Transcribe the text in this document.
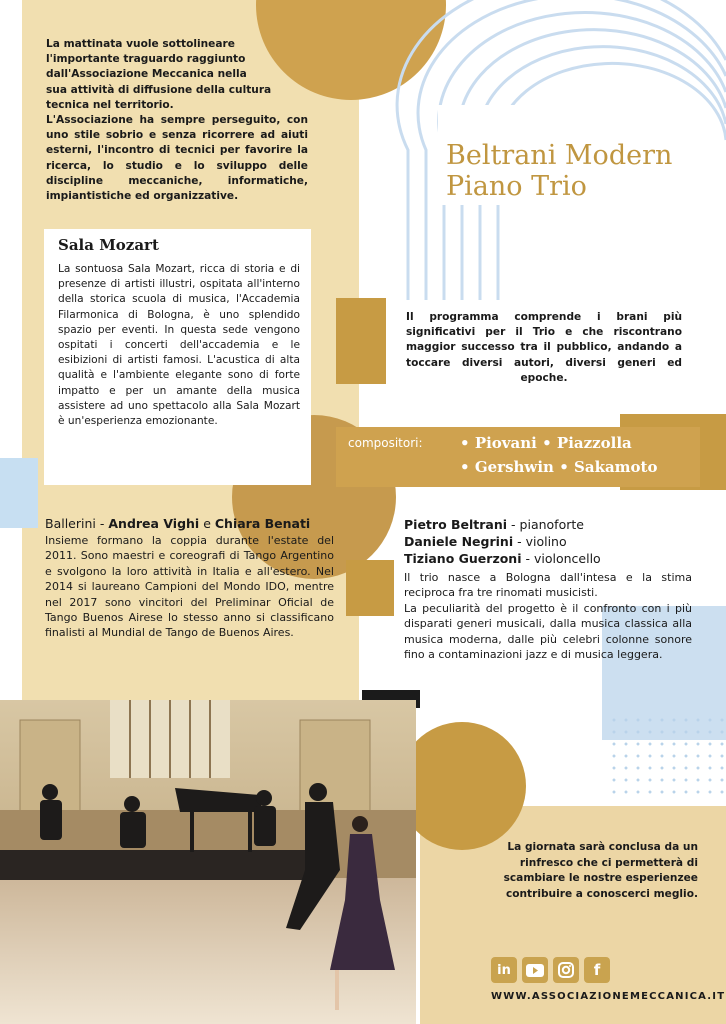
La mattinata vuole sottolineare
l'importante traguardo raggiunto
dall'Associazione Meccanica nella
sua attività di diffusione della cultura
tecnica nel territorio.

L'Associazione ha sempre perseguito, con uno stile sobrio e senza ricorrere ad aiuti esterni, l'incontro di tecnici per favorire la ricerca, lo studio e lo sviluppo delle discipline meccaniche, informatiche, impiantistiche ed organizzative.

Sala Mozart
La sontuosa Sala Mozart, ricca di storia e di presenze di artisti illustri, ospitata all'interno della storica scuola di musica, l'Accademia Filarmonica di Bologna, è uno splendido spazio per eventi. In questa sede vengono ospitati i concerti dell'accademia e le esibizioni di artisti famosi. L'acustica di alta qualità e l'ambiente elegante sono di forte impatto e per un amante della musica assistere ad uno spettacolo alla Sala Mozart è un'esperienza emozionante.
Beltrani Modern
Piano Trio
Il programma comprende i brani più significativi per il Trio e che riscontrano maggior successo tra il pubblico, andando a toccare diversi autori, diversi generi ed epoche.
compositori: • Piovani • Piazzolla
• Gershwin • Sakamoto
Ballerini - Andrea Vighi e Chiara Benati
Insieme formano la coppia durante l'estate del 2011. Sono maestri e coreografi di Tango Argentino e svolgono la loro attività in Italia e all'estero. Nel 2014 si laureano Campioni del Mondo IDO, mentre nel 2017 sono vincitori del Preliminar Oficial de Tango Buenos Airese lo stesso anno si classificano finalisti al Mundial de Tango de Buenos Aires.
Pietro Beltrani - pianoforte
Daniele Negrini - violino
Tiziano Guerzoni - violoncello
Il trio nasce a Bologna dall'intesa e la stima reciproca fra tre rinomati musicisti.
La peculiarità del progetto è il confronto con i più disparati generi musicali, dalla musica classica alla musica moderna, dalle più celebri colonne sonore fino a contaminazioni jazz e di musica leggera.
La giornata sarà conclusa da un rinfresco che ci permetterà di scambiare le nostre esperienzee contribuire a conoscerci meglio.
in	f
WWW.ASSOCIAZIONEMECCANICA.IT
